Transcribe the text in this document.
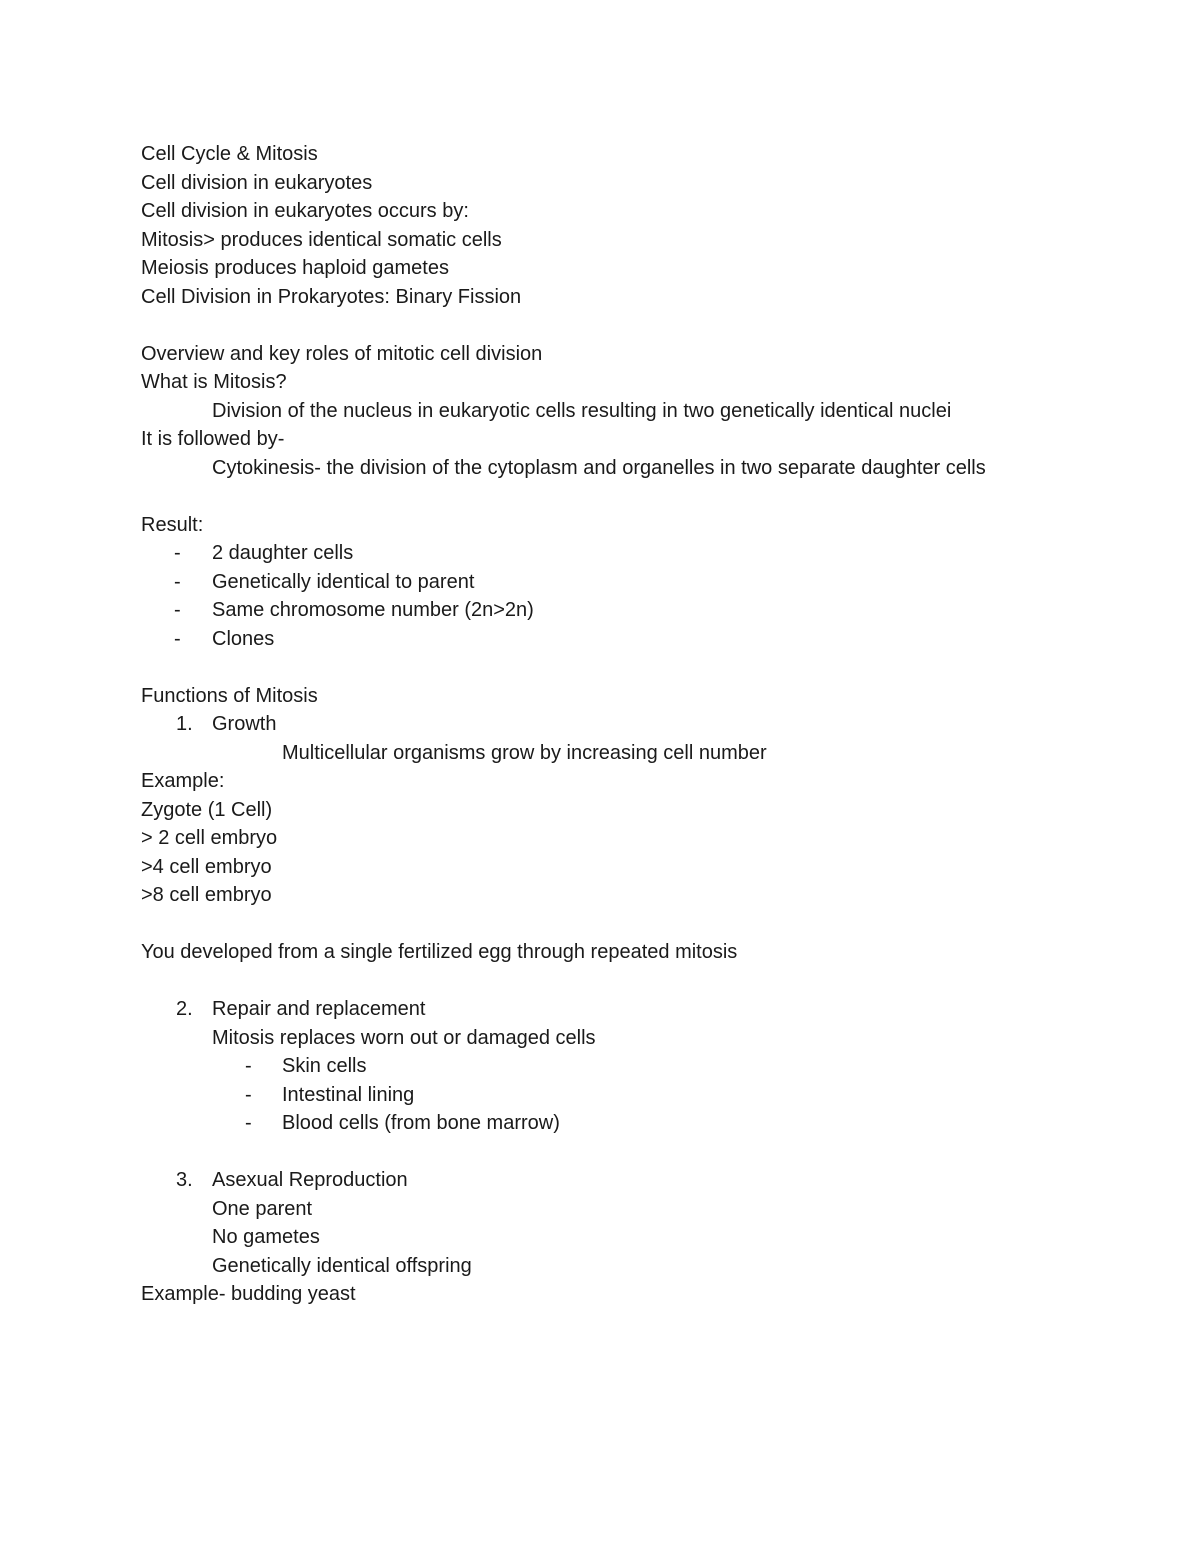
Cell Cycle & Mitosis
Cell division in eukaryotes
Cell division in eukaryotes occurs by:
Mitosis> produces identical somatic cells
Meiosis produces haploid gametes
Cell Division in Prokaryotes: Binary Fission
Overview and key roles of mitotic cell division
What is Mitosis?
Division of the nucleus in eukaryotic cells resulting in two genetically identical nuclei
It is followed by-
Cytokinesis- the division of the cytoplasm and organelles in two separate daughter cells
Result:
- 2 daughter cells
- Genetically identical to parent
- Same chromosome number (2n>2n)
- Clones
Functions of Mitosis
1. Growth
Multicellular organisms grow by increasing cell number
Example:
Zygote (1 Cell)
> 2 cell embryo
>4 cell embryo
>8 cell embryo
You developed from a single fertilized egg through repeated mitosis
2. Repair and replacement
Mitosis replaces worn out or damaged cells
- Skin cells
- Intestinal lining
- Blood cells (from bone marrow)
3. Asexual Reproduction
One parent
No gametes
Genetically identical offspring
Example- budding yeast
